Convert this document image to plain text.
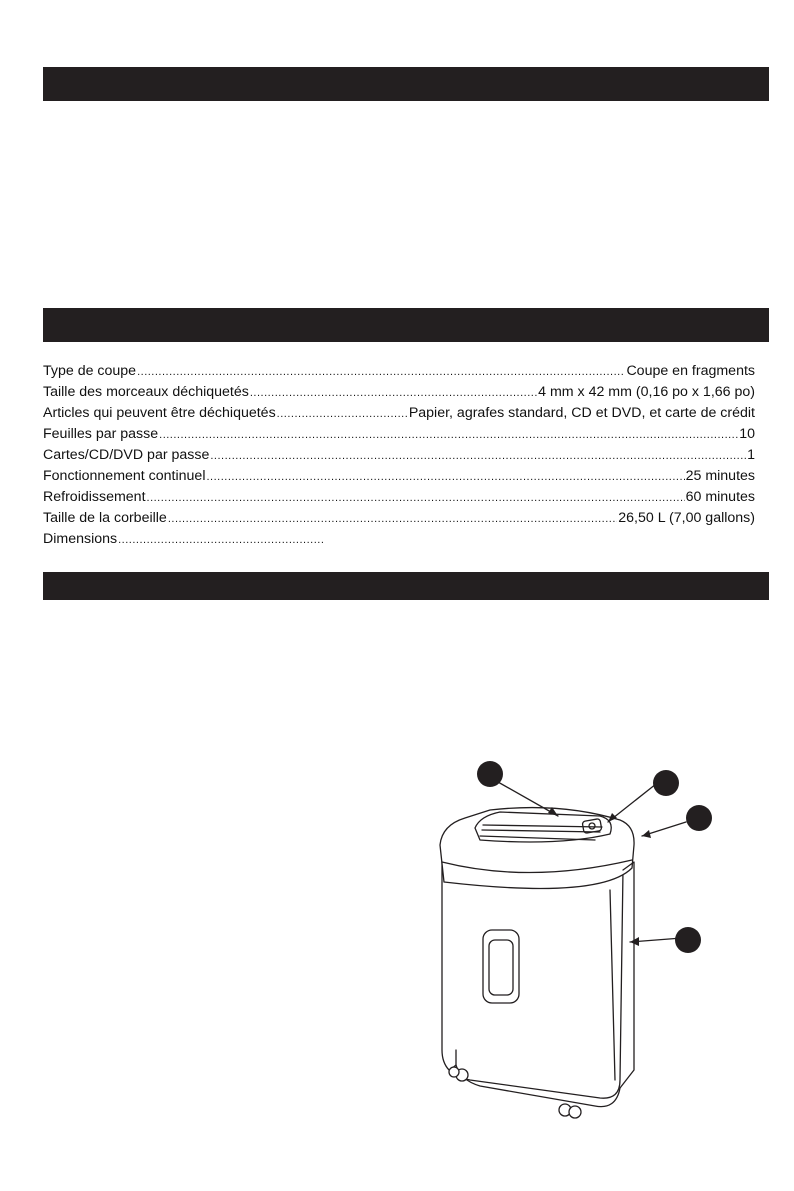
Type de coupe .....	Coupe en fragments
Taille des morceaux déchiquetés .....	4 mm x 42 mm (0,16 po x 1,66 po)
Articles qui peuvent être déchiquetés .....	Papier, agrafes standard, CD et DVD, et carte de crédit
Feuilles par passe .....	10
Cartes/CD/DVD par passe .....	1
Fonctionnement continuel .....	25 minutes
Refroidissement .....	60 minutes
Taille de la corbeille .....	26,50 L (7,00 gallons)
Dimensions
.....
